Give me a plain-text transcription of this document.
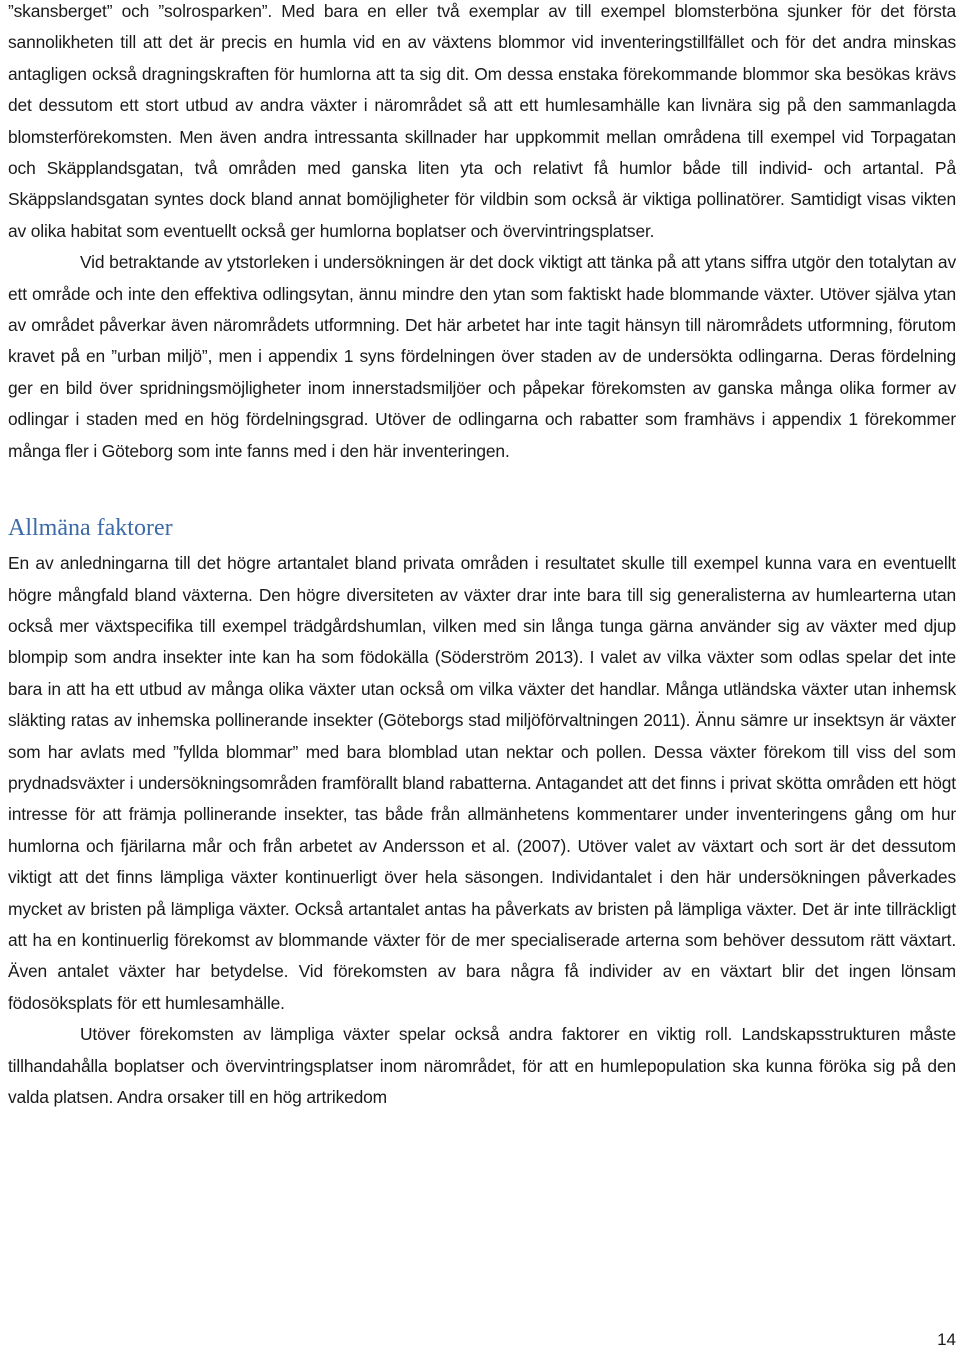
”skansberget” och ”solrosparken”. Med bara en eller två exemplar av till exempel blomsterböna sjunker för det första sannolikheten till att det är precis en humla vid en av växtens blommor vid inventeringstillfället och för det andra minskas antagligen också dragningskraften för humlorna att ta sig dit. Om dessa enstaka förekommande blommor ska besökas krävs det dessutom ett stort utbud av andra växter i närområdet så att ett humlesamhälle kan livnära sig på den sammanlagda blomsterförekomsten. Men även andra intressanta skillnader har uppkommit mellan områdena till exempel vid Torpagatan och Skäpplandsgatan, två områden med ganska liten yta och relativt få humlor både till individ- och artantal. På Skäppslandsgatan syntes dock bland annat bomöjligheter för vildbin som också är viktiga pollinatörer. Samtidigt visas vikten av olika habitat som eventuellt också ger humlorna boplatser och övervintringsplatser.

Vid betraktande av ytstorleken i undersökningen är det dock viktigt att tänka på att ytans siffra utgör den totalytan av ett område och inte den effektiva odlingsytan, ännu mindre den ytan som faktiskt hade blommande växter. Utöver själva ytan av området påverkar även närområdets utformning. Det här arbetet har inte tagit hänsyn till närområdets utformning, förutom kravet på en ”urban miljö”, men i appendix 1 syns fördelningen över staden av de undersökta odlingarna. Deras fördelning ger en bild över spridningsmöjligheter inom innerstadsmiljöer och påpekar förekomsten av ganska många olika former av odlingar i staden med en hög fördelningsgrad. Utöver de odlingarna och rabatter som framhävs i appendix 1 förekommer många fler i Göteborg som inte fanns med i den här inventeringen.

Allmäna faktorer

En av anledningarna till det högre artantalet bland privata områden i resultatet skulle till exempel kunna vara en eventuellt högre mångfald bland växterna. Den högre diversiteten av växter drar inte bara till sig generalisterna av humlearterna utan också mer växtspecifika till exempel trädgårdshumlan, vilken med sin långa tunga gärna använder sig av växter med djup blompip som andra insekter inte kan ha som födokälla (Söderström 2013). I valet av vilka växter som odlas spelar det inte bara in att ha ett utbud av många olika växter utan också om vilka växter det handlar. Många utländska växter utan inhemsk släkting ratas av inhemska pollinerande insekter (Göteborgs stad miljöförvaltningen 2011). Ännu sämre ur insektsyn är växter som har avlats med ”fyllda blommar” med bara blomblad utan nektar och pollen. Dessa växter förekom till viss del som prydnadsväxter i undersökningsområden framförallt bland rabatterna. Antagandet att det finns i privat skötta områden ett högt intresse för att främja pollinerande insekter, tas både från allmänhetens kommentarer under inventeringens gång om hur humlorna och fjärilarna mår och från arbetet av Andersson et al. (2007). Utöver valet av växtart och sort är det dessutom viktigt att det finns lämpliga växter kontinuerligt över hela säsongen. Individantalet i den här undersökningen påverkades mycket av bristen på lämpliga växter. Också artantalet antas ha påverkats av bristen på lämpliga växter. Det är inte tillräckligt att ha en kontinuerlig förekomst av blommande växter för de mer specialiserade arterna som behöver dessutom rätt växtart. Även antalet växter har betydelse. Vid förekomsten av bara några få individer av en växtart blir det ingen lönsam födosöksplats för ett humlesamhälle.

Utöver förekomsten av lämpliga växter spelar också andra faktorer en viktig roll. Landskapsstrukturen måste tillhandahålla boplatser och övervintringsplatser inom närområdet, för att en humlepopulation ska kunna föröka sig på den valda platsen. Andra orsaker till en hög artrikedom

14
